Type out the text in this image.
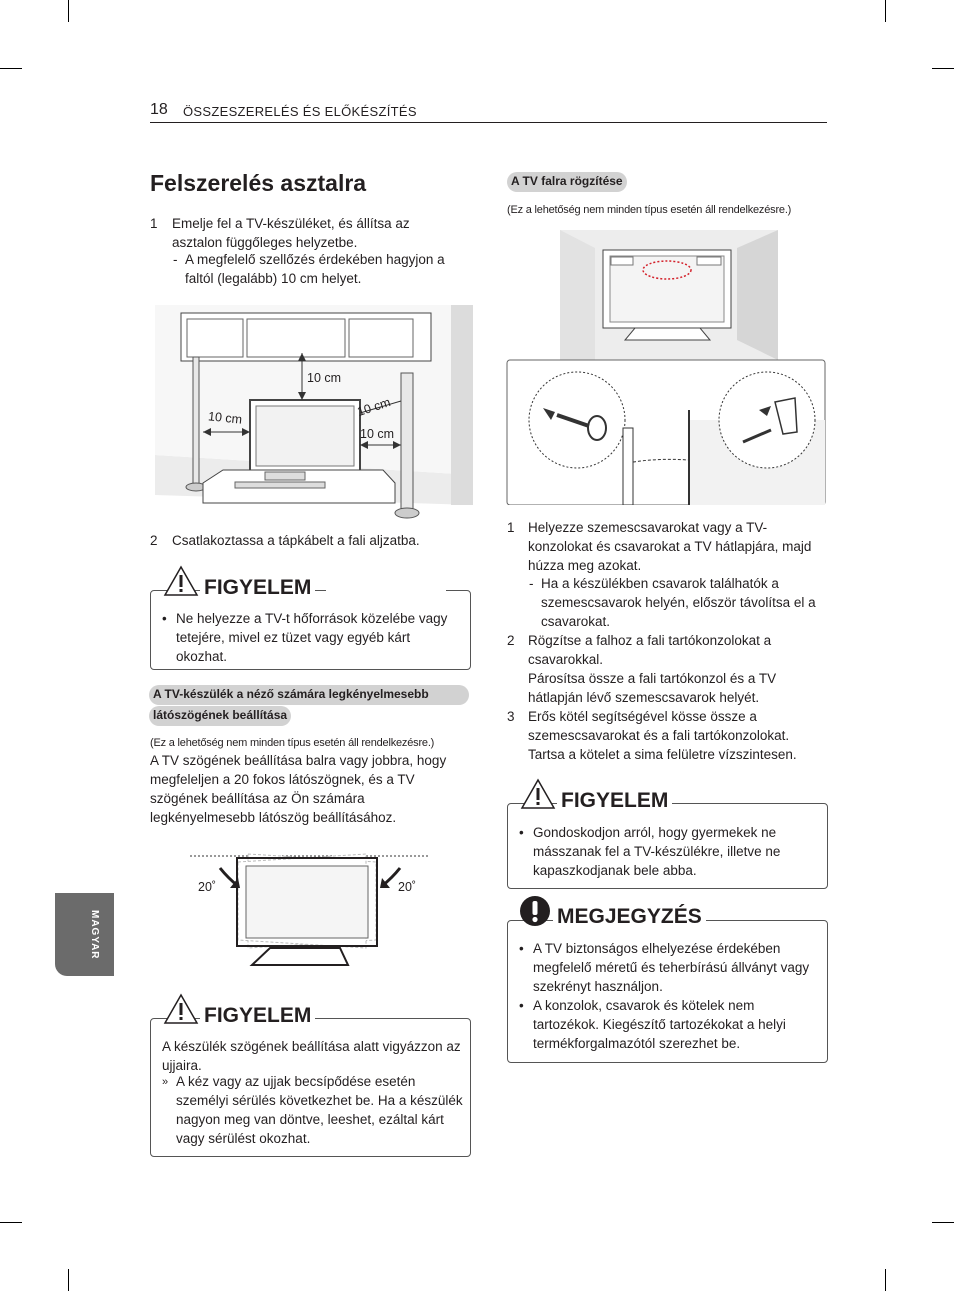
18 ÖSSZESZERELÉS ÉS ELŐKÉSZÍTÉS
MAGYAR
Felszerelés asztalra
1 Emelje fel a TV-készüléket, és állítsa az asztalon függőleges helyzetbe.
- A megfelelő szellőzés érdekében hagyjon a faltól (legalább) 10 cm helyet.
10 cm
10 cm	10 cm
10 cm
2 Csatlakoztassa a tápkábelt a fali aljzatba.
FIGYELEM
• Ne helyezze a TV-t hőforrások közelébe vagy tetejére, mivel ez tüzet vagy egyéb kárt okozhat.
A TV-készülék a néző számára legkényelmesebb
látószögének beállítása
(Ez a lehetőség nem minden típus esetén áll rendelkezésre.)
A TV szögének beállítása balra vagy jobbra, hogy megfeleljen a 20 fokos látószögnek, és a TV szögének beállítása az Ön számára legkényelmesebb látószög beállításához.
20˚	20˚
FIGYELEM
A készülék szögének beállítása alatt vigyázzon az ujjaira.
» A kéz vagy az ujjak becsípődése esetén személyi sérülés következhet be. Ha a készülék nagyon meg van döntve, leeshet, ezáltal kárt vagy sérülést okozhat.
A TV falra rögzítése
(Ez a lehetőség nem minden típus esetén áll rendelkezésre.)
1 Helyezze szemescsavarokat vagy a TV-konzolokat és csavarokat a TV hátlapjára, majd húzza meg azokat.
- Ha a készülékben csavarok találhatók a szemescsavarok helyén, először távolítsa el a csavarokat.
2 Rögzítse a falhoz a fali tartókonzolokat a csavarokkal.
Párosítsa össze a fali tartókonzol és a TV hátlapján lévő szemescsavarok helyét.
3 Erős kötél segítségével kösse össze a szemescsavarokat és a fali tartókonzolokat. Tartsa a kötelet a sima felületre vízszintesen.
FIGYELEM
• Gondoskodjon arról, hogy gyermekek ne másszanak fel a TV-készülékre, illetve ne kapaszkodjanak bele abba.
MEGJEGYZÉS
• A TV biztonságos elhelyezése érdekében megfelelő méretű és teherbírású állványt vagy szekrényt használjon.
• A konzolok, csavarok és kötelek nem tartozékok. Kiegészítő tartozékokat a helyi termékforgalmazótól szerezhet be.
